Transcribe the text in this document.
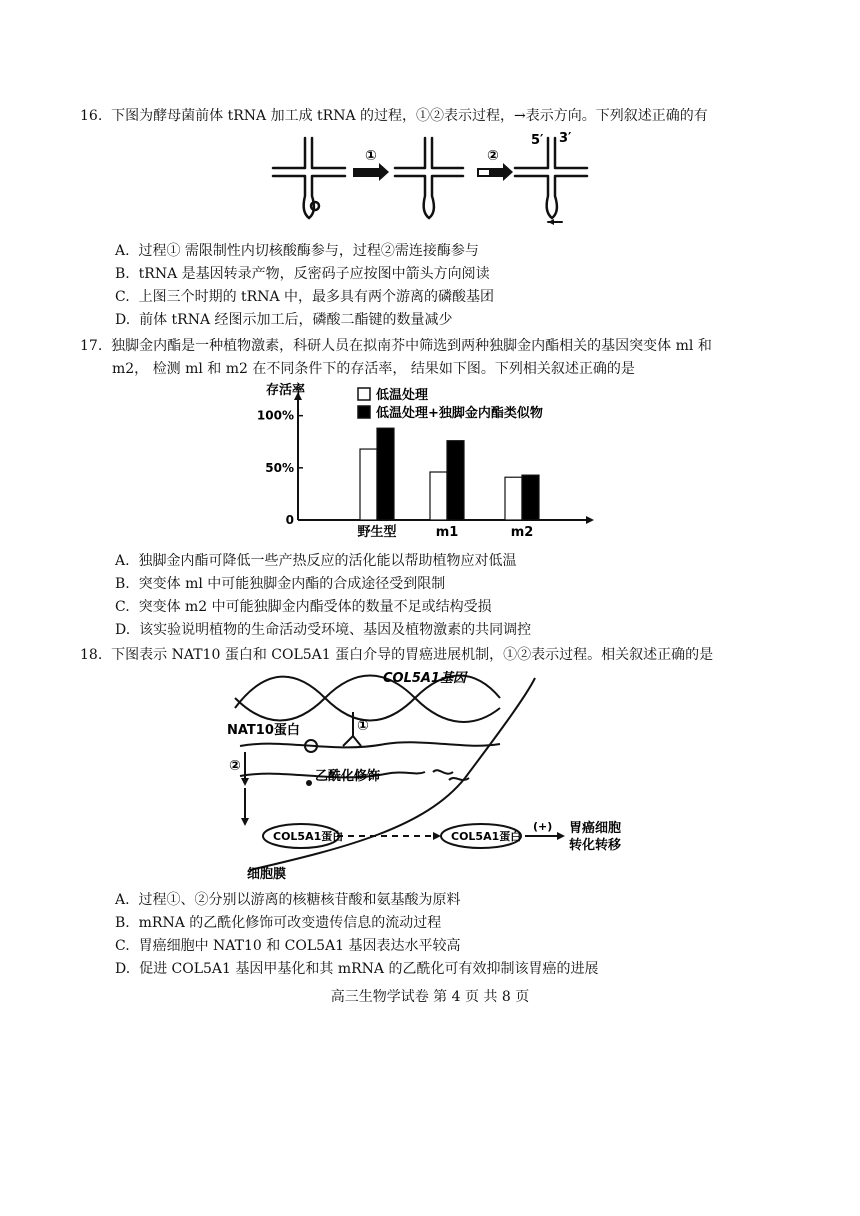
16. 下图为酵母菌前体 tRNA 加工成 tRNA 的过程，①②表示过程，→表示方向。下列叙述正确的有
①	②
5′ 3′
A. 过程① 需限制性内切核酸酶参与，过程②需连接酶参与
B. tRNA 是基因转录产物，反密码子应按图中箭头方向阅读
C. 上图三个时期的 tRNA 中，最多具有两个游离的磷酸基团
D. 前体 tRNA 经图示加工后，磷酸二酯键的数量减少
17. 独脚金内酯是一种植物激素，科研人员在拟南芥中筛选到两种独脚金内酯相关的基因突变体 ml 和
m2， 检测 ml 和 m2 在不同条件下的存活率， 结果如下图。下列相关叙述正确的是
存活率
0
50%
100%
低温处理
低温处理+独脚金内酯类似物
野生型	m1	m2
A. 独脚金内酯可降低一些产热反应的活化能以帮助植物应对低温
B. 突变体 ml 中可能独脚金内酯的合成途径受到限制
C. 突变体 m2 中可能独脚金内酯受体的数量不足或结构受损
D. 该实验说明植物的生命活动受环境、基因及植物激素的共同调控
18. 下图表示 NAT10 蛋白和 COL5A1 蛋白介导的胃癌进展机制，①②表示过程。相关叙述正确的是
COL5A1基因
NAT10蛋白	①
②
乙酰化修饰
COL5A1蛋白	COL5A1蛋白
(+) 胃癌细胞
转化转移
细胞膜
A. 过程①、②分别以游离的核糖核苷酸和氨基酸为原料
B. mRNA 的乙酰化修饰可改变遗传信息的流动过程
C. 胃癌细胞中 NAT10 和 COL5A1 基因表达水平较高
D. 促进 COL5A1 基因甲基化和其 mRNA 的乙酰化可有效抑制该胃癌的进展
高三生物学试卷 第 4 页 共 8 页
